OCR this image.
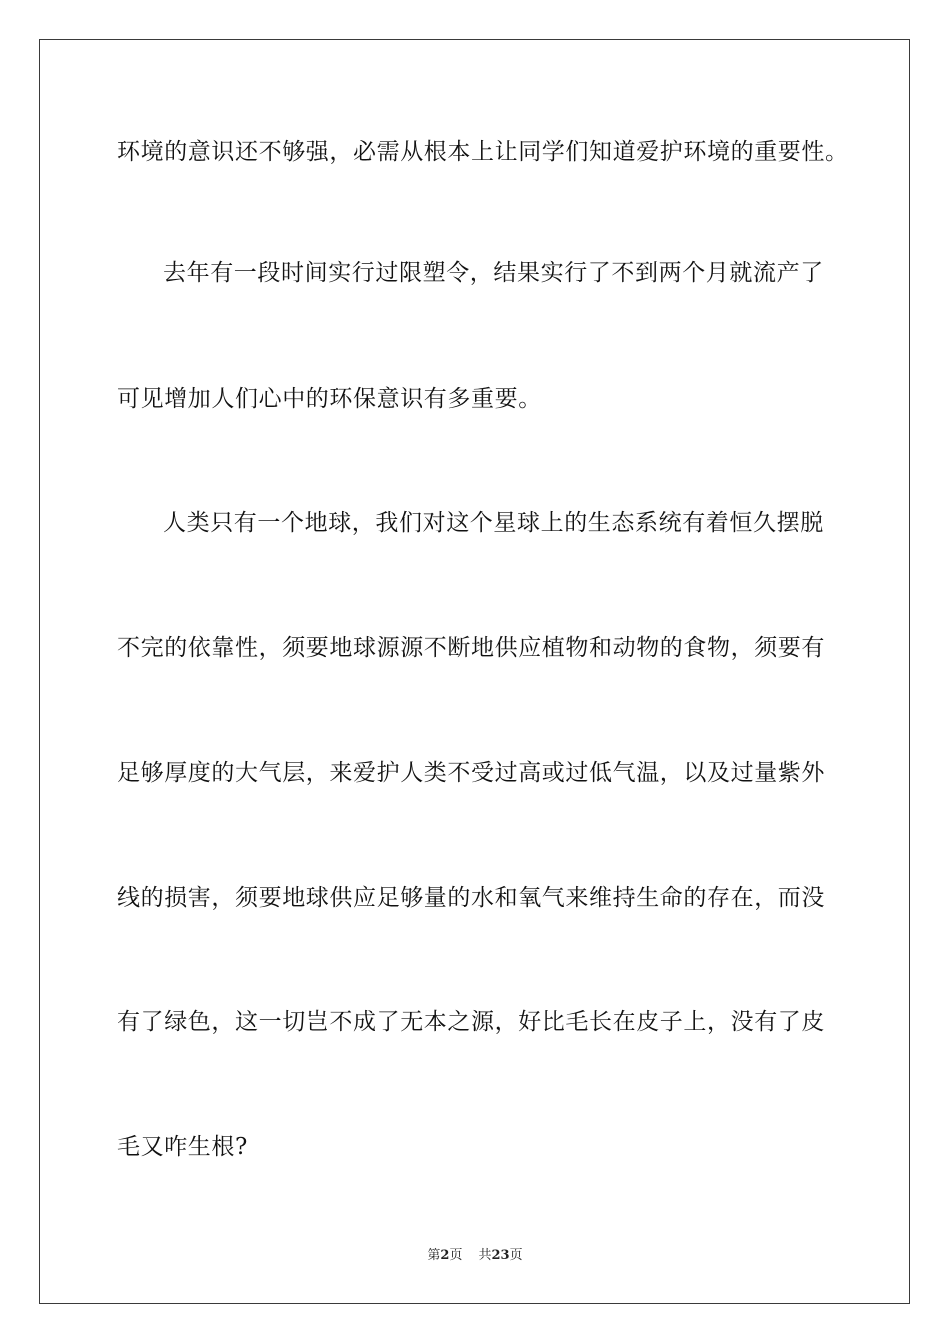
环境的意识还不够强，必需从根本上让同学们知道爱护环境的重要性。
去年有一段时间实行过限塑令，结果实行了不到两个月就流产了
可见增加人们心中的环保意识有多重要。
人类只有一个地球，我们对这个星球上的生态系统有着恒久摆脱
不完的依靠性，须要地球源源不断地供应植物和动物的食物，须要有
足够厚度的大气层，来爱护人类不受过高或过低气温，以及过量紫外
线的损害，须要地球供应足够量的水和氧气来维持生命的存在，而没
有了绿色，这一切岂不成了无本之源，好比毛长在皮子上，没有了皮
毛又咋生根?
第2页 共23页
